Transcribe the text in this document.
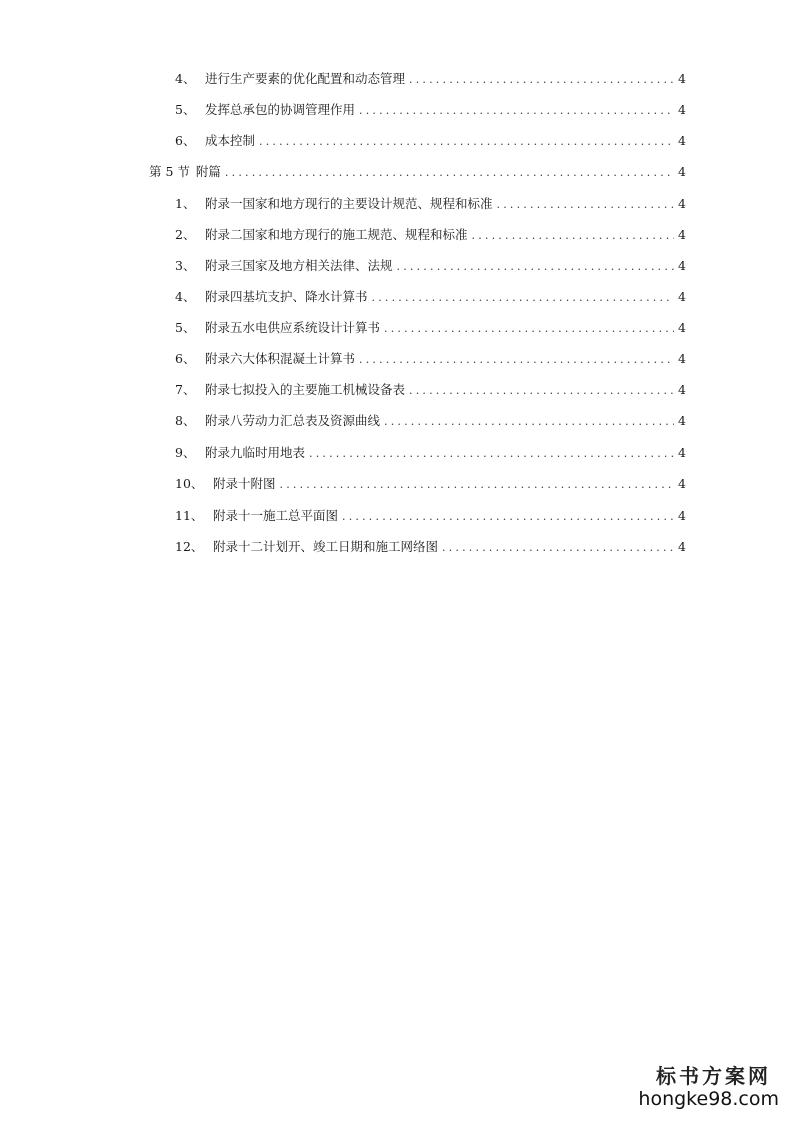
4、 进行生产要素的优化配置和动态管理 .....	4
5、 发挥总承包的协调管理作用 .....	4
6、 成本控制 .....	4
第 5 节 附篇 .....	4
1、 附录一国家和地方现行的主要设计规范、规程和标准 .....	4
2、 附录二国家和地方现行的施工规范、规程和标准 .....	4
3、 附录三国家及地方相关法律、法规 .....	4
4、 附录四基坑支护、降水计算书 .....	4
5、 附录五水电供应系统设计计算书 .....	4
6、 附录六大体积混凝土计算书 .....	4
7、 附录七拟投入的主要施工机械设备表 .....	4
8、 附录八劳动力汇总表及资源曲线 .....	4
9、 附录九临时用地表 .....	4
10、 附录十附图 .....	4
11、 附录十一施工总平面图 .....	4
12、 附录十二计划开、竣工日期和施工网络图 .....	4
标书方案网
hongke98.com
